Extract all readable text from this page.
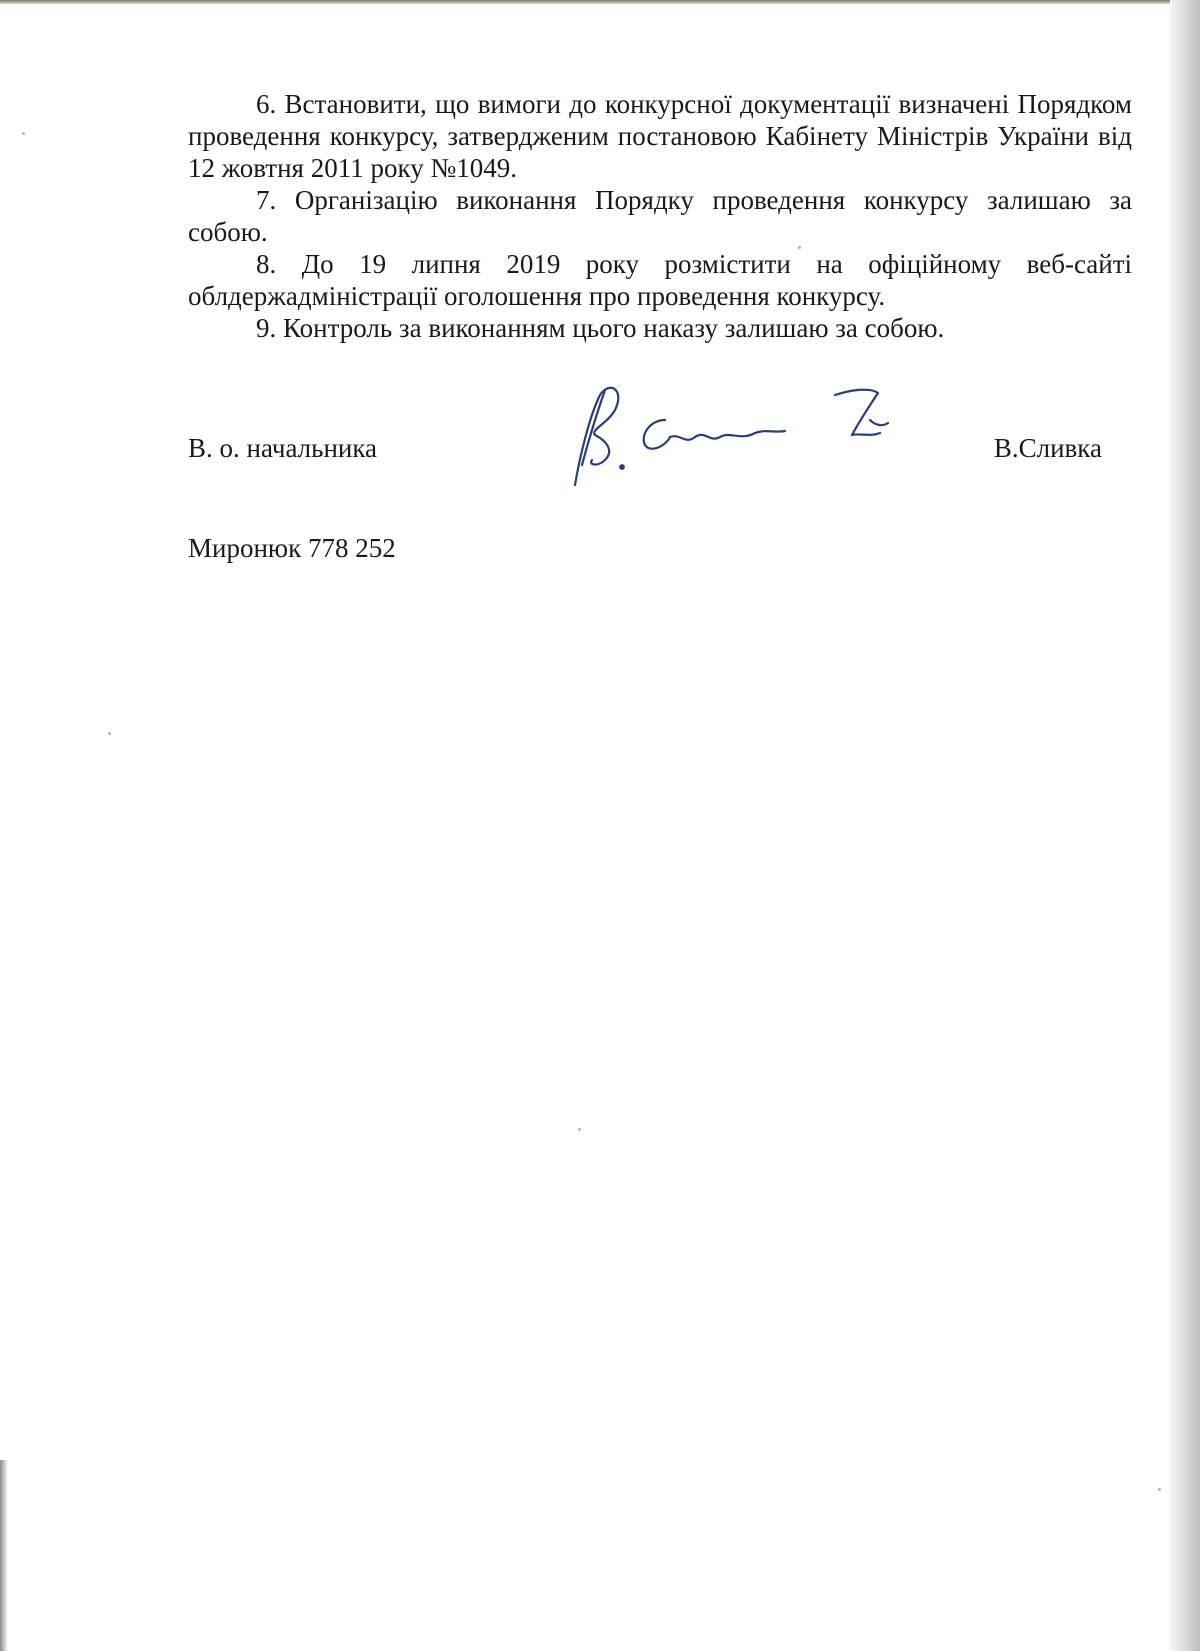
6. Встановити, що вимоги до конкурсної документації визначені Порядком проведення конкурсу, затвердженим постановою Кабінету Міністрів України від 12 жовтня 2011 року №1049.

7. Організацію виконання Порядку проведення конкурсу залишаю за собою.

8. До 19 липня 2019 року розмістити на офіційному веб-сайті облдержадміністрації оголошення про проведення конкурсу.

9. Контроль за виконанням цього наказу залишаю за собою.

В. о. начальника	В.Сливка
Миронюк 778 252
